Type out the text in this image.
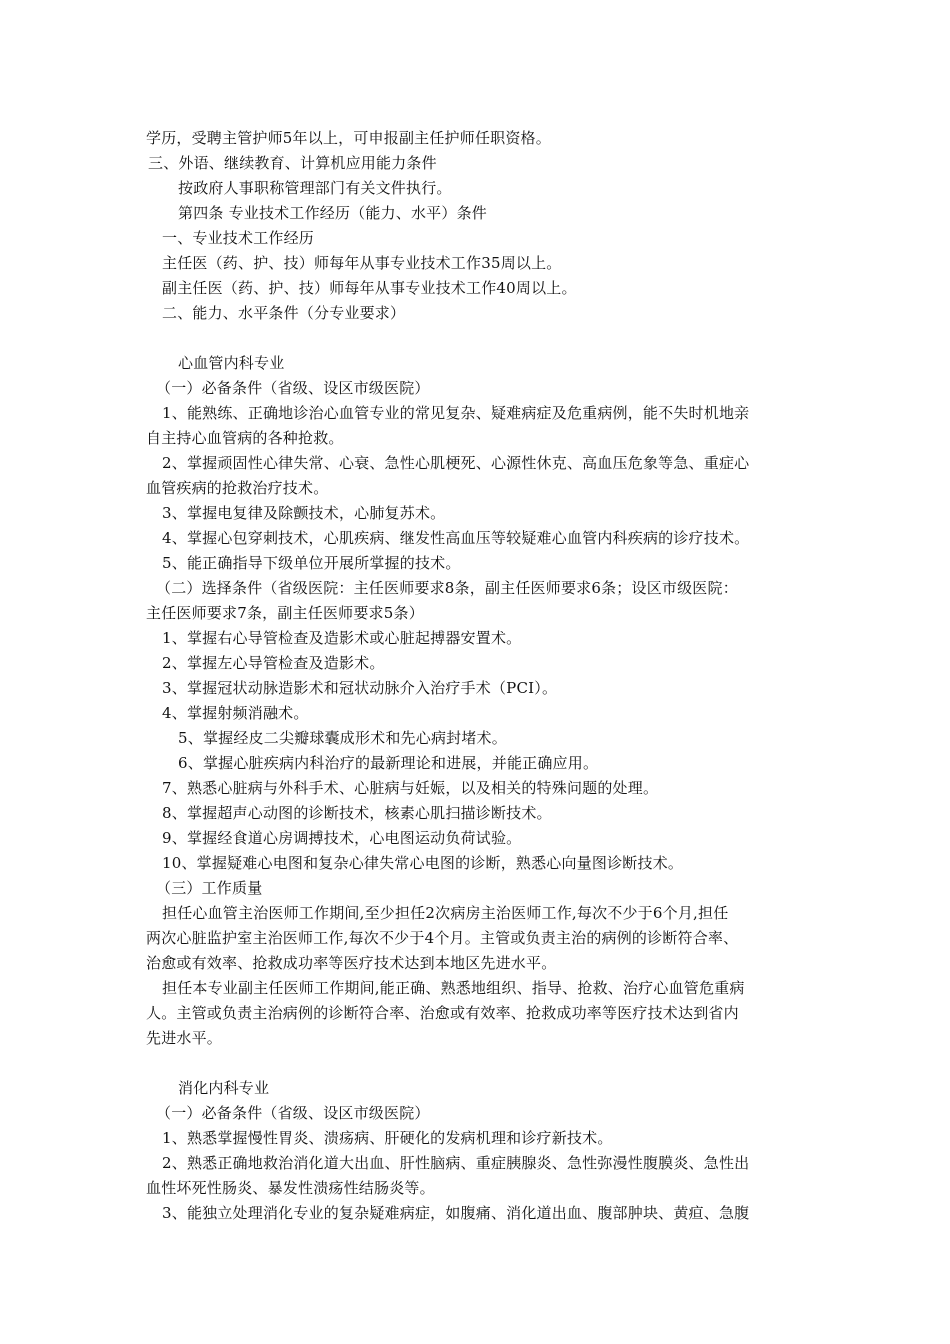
学历，受聘主管护师5年以上，可申报副主任护师任职资格。
三、外语、继续教育、计算机应用能力条件
按政府人事职称管理部门有关文件执行。
第四条 专业技术工作经历（能力、水平）条件
一、专业技术工作经历
主任医（药、护、技）师每年从事专业技术工作35周以上。
副主任医（药、护、技）师每年从事专业技术工作40周以上。
二、能力、水平条件（分专业要求）
心血管内科专业
（一）必备条件（省级、设区市级医院）
1、能熟练、正确地诊治心血管专业的常见复杂、疑难病症及危重病例，能不失时机地亲
自主持心血管病的各种抢救。
2、掌握顽固性心律失常、心衰、急性心肌梗死、心源性休克、高血压危象等急、重症心
血管疾病的抢救治疗技术。
3、掌握电复律及除颤技术，心肺复苏术。
4、掌握心包穿刺技术，心肌疾病、继发性高血压等较疑难心血管内科疾病的诊疗技术。
5、能正确指导下级单位开展所掌握的技术。
（二）选择条件（省级医院：主任医师要求8条，副主任医师要求6条；设区市级医院：
主任医师要求7条，副主任医师要求5条）
1、掌握右心导管检查及造影术或心脏起搏器安置术。
2、掌握左心导管检查及造影术。
3、掌握冠状动脉造影术和冠状动脉介入治疗手术（PCI）。
4、掌握射频消融术。
5、掌握经皮二尖瓣球囊成形术和先心病封堵术。
6、掌握心脏疾病内科治疗的最新理论和进展，并能正确应用。
7、熟悉心脏病与外科手术、心脏病与妊娠，以及相关的特殊问题的处理。
8、掌握超声心动图的诊断技术，核素心肌扫描诊断技术。
9、掌握经食道心房调搏技术，心电图运动负荷试验。
10、掌握疑难心电图和复杂心律失常心电图的诊断，熟悉心向量图诊断技术。
（三）工作质量
担任心血管主治医师工作期间,至少担任2次病房主治医师工作,每次不少于6个月,担任
两次心脏监护室主治医师工作,每次不少于4个月。主管或负责主治的病例的诊断符合率、
治愈或有效率、抢救成功率等医疗技术达到本地区先进水平。
担任本专业副主任医师工作期间,能正确、熟悉地组织、指导、抢救、治疗心血管危重病
人。主管或负责主治病例的诊断符合率、治愈或有效率、抢救成功率等医疗技术达到省内
先进水平。
消化内科专业
（一）必备条件（省级、设区市级医院）
1、熟悉掌握慢性胃炎、溃疡病、肝硬化的发病机理和诊疗新技术。
2、熟悉正确地救治消化道大出血、肝性脑病、重症胰腺炎、急性弥漫性腹膜炎、急性出
血性坏死性肠炎、暴发性溃疡性结肠炎等。
3、能独立处理消化专业的复杂疑难病症，如腹痛、消化道出血、腹部肿块、黄疸、急腹
